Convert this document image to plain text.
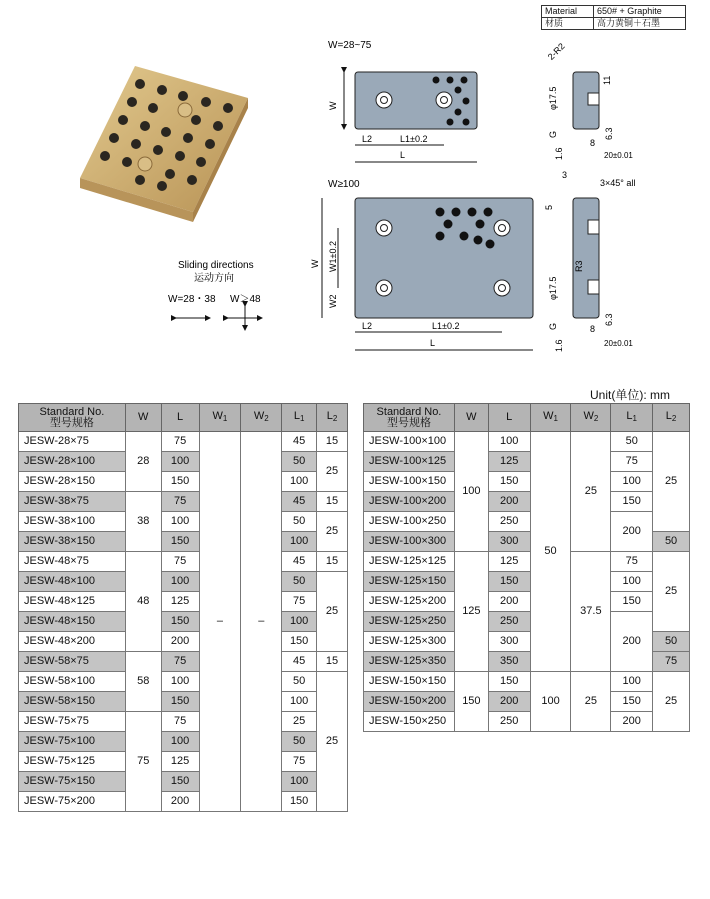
Material	650# + Graphite
材质	高力黄铜＋石墨
W=28~75
W
L2	L1±0.2
L
2-R2
φ17.5
11
G
1.6
8
6.3
20±0.01
W≥100
W W1±0.2
W2
L2	L1±0.2
L
3
3×45° all
5
R3
φ17.5
G
1.6
8
6.3
20±0.01
Sliding directions
运动方向
W=28・38 W＞48
Unit(单位): mm
Standard No.
型号规格	W	L	$W_1$	$W_2$	$L_1$	$L_2$
JESW-28×75	28	75	–	–	45	15
JESW-28×100		100			50	25
JESW-28×150		150			100	
JESW-38×75	38	75			45	15
JESW-38×100		100			50	25
JESW-38×150		150			100	
JESW-48×75	48	75			45	15
JESW-48×100		100			50	25
JESW-48×125		125			75	
JESW-48×150		150			100	
JESW-48×200		200			150	
JESW-58×75	58	75			45	15
JESW-58×100		100			50	25
JESW-58×150		150			100	
JESW-75×75	75	75			25	
JESW-75×100		100			50	
JESW-75×125		125			75	
JESW-75×150		150			100	
JESW-75×200		200			150	
Standard No.
型号规格	W	L	$W_1$	$W_2$	$L_1$	$L_2$
JESW-100×100	100	100	50	25	50	25
JESW-100×125		125			75	
JESW-100×150		150			100	
JESW-100×200		200			150	
JESW-100×250		250			200	
JESW-100×300		300				50
JESW-125×125	125	125		37.5	75	25
JESW-125×150		150			100	
JESW-125×200		200			150	
JESW-125×250		250			200	
JESW-125×300		300				50
JESW-125×350		350				75
JESW-150×150	150	150	100	25	100	25
JESW-150×200		200			150	
JESW-150×250		250			200	
